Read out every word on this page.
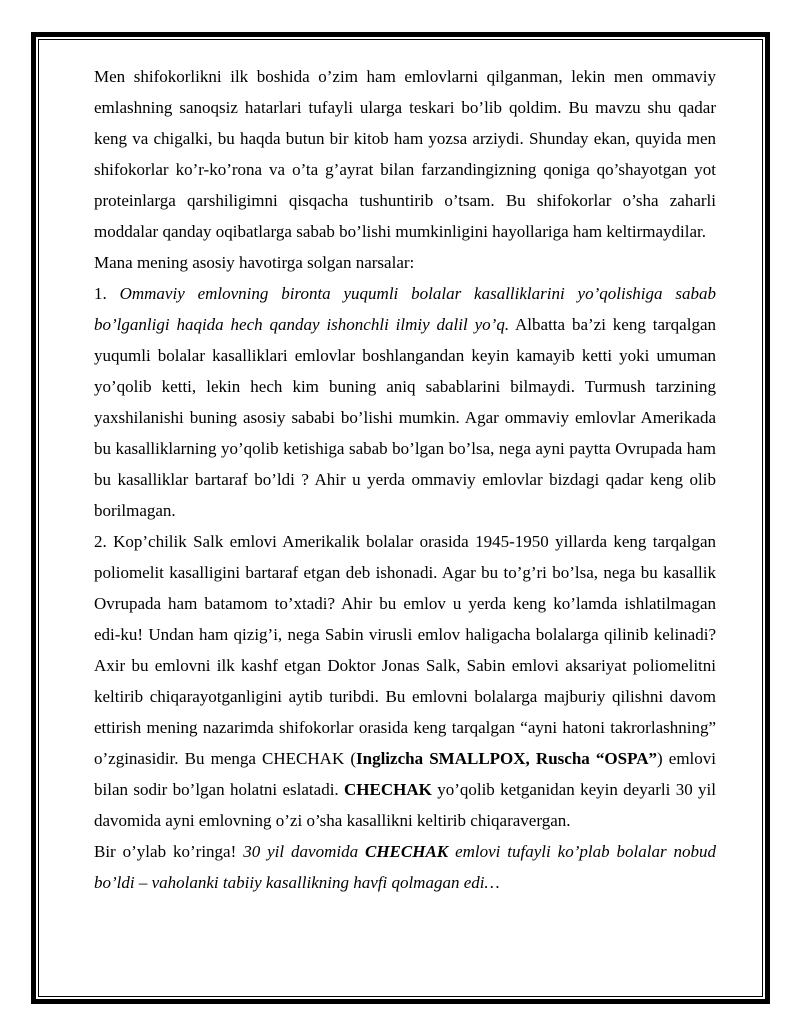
Men shifokorlikni ilk boshida o’zim ham emlovlarni qilganman, lekin men ommaviy emlashning sanoqsiz hatarlari tufayli ularga teskari bo’lib qoldim. Bu mavzu shu qadar keng va chigalki, bu haqda butun bir kitob ham yozsa arziydi. Shunday ekan, quyida men shifokorlar ko’r-ko’rona va o’ta g’ayrat bilan farzandingizning qoniga qo’shayotgan yot proteinlarga qarshiligimni qisqacha tushuntirib o’tsam. Bu shifokorlar o’sha zaharli moddalar qanday oqibatlarga sabab bo’lishi mumkinligini hayollariga ham keltirmaydilar.

Mana mening asosiy havotirga solgan narsalar:

1. Ommaviy emlovning bironta yuqumli bolalar kasalliklarini yo’qolishiga sabab bo’lganligi haqida hech qanday ishonchli ilmiy dalil yo’q. Albatta ba’zi keng tarqalgan yuqumli bolalar kasalliklari emlovlar boshlangandan keyin kamayib ketti yoki umuman yo’qolib ketti, lekin hech kim buning aniq sabablarini bilmaydi. Turmush tarzining yaxshilanishi buning asosiy sababi bo’lishi mumkin. Agar ommaviy emlovlar Amerikada bu kasalliklarning yo’qolib ketishiga sabab bo’lgan bo’lsa, nega ayni paytta Ovrupada ham bu kasalliklar bartaraf bo’ldi ? Ahir u yerda ommaviy emlovlar bizdagi qadar keng olib borilmagan.

2. Kop’chilik Salk emlovi Amerikalik bolalar orasida 1945-1950 yillarda keng tarqalgan poliomelit kasalligini bartaraf etgan deb ishonadi. Agar bu to’g’ri bo’lsa, nega bu kasallik Ovrupada ham batamom to’xtadi? Ahir bu emlov u yerda keng ko’lamda ishlatilmagan edi-ku! Undan ham qizig’i, nega Sabin virusli emlov haligacha bolalarga qilinib kelinadi? Axir bu emlovni ilk kashf etgan Doktor Jonas Salk, Sabin emlovi aksariyat poliomelitni keltirib chiqarayotganligini aytib turibdi. Bu emlovni bolalarga majburiy qilishni davom ettirish mening nazarimda shifokorlar orasida keng tarqalgan “ayni hatoni takrorlashning” o’zginasidir. Bu menga CHECHAK (Inglizcha SMALLPOX, Ruscha “OSPA”) emlovi bilan sodir bo’lgan holatni eslatadi. CHECHAK yo’qolib ketganidan keyin deyarli 30 yil davomida ayni emlovning o’zi o’sha kasallikni keltirib chiqaravergan.

Bir o’ylab ko’ringa! 30 yil davomida CHECHAK emlovi tufayli ko’plab bolalar nobud bo’ldi – vaholanki tabiiy kasallikning havfi qolmagan edi…
